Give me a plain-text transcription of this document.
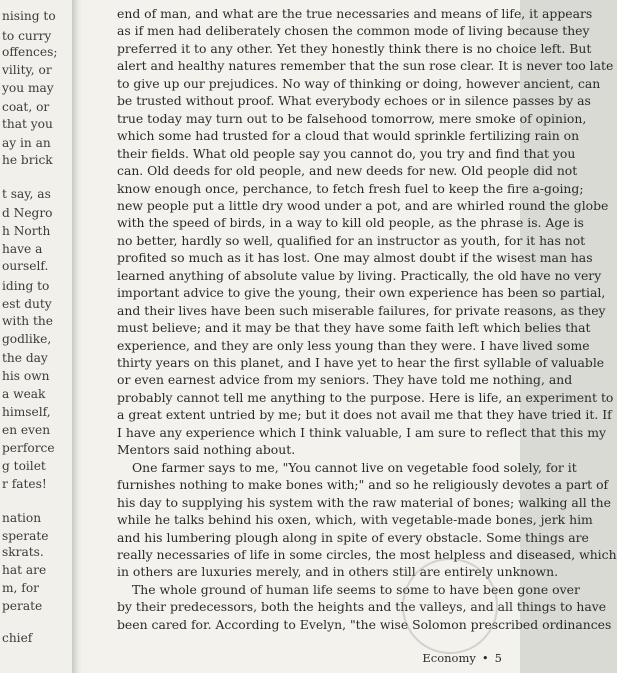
nising to
to curry
offences;
vility, or
you may
coat, or
that you
ay in an
he brick
t say, as
d Negro
h North
have a
ourself.
iding to
est duty
with the
godlike,
the day
his own
a weak
himself,
en even
perforce
g toilet
r fates!
nation
sperate
skrats.
hat are
m, for
perate
chief
end of man, and what are the true necessaries and means of life, it appears
as if men had deliberately chosen the common mode of living because they
preferred it to any other. Yet they honestly think there is no choice left. But
alert and healthy natures remember that the sun rose clear. It is never too late
to give up our prejudices. No way of thinking or doing, however ancient, can
be trusted without proof. What everybody echoes or in silence passes by as
true today may turn out to be falsehood tomorrow, mere smoke of opinion,
which some had trusted for a cloud that would sprinkle fertilizing rain on
their fields. What old people say you cannot do, you try and find that you
can. Old deeds for old people, and new deeds for new. Old people did not
know enough once, perchance, to fetch fresh fuel to keep the fire a-going;
new people put a little dry wood under a pot, and are whirled round the globe
with the speed of birds, in a way to kill old people, as the phrase is. Age is
no better, hardly so well, qualified for an instructor as youth, for it has not
profited so much as it has lost. One may almost doubt if the wisest man has
learned anything of absolute value by living. Practically, the old have no very
important advice to give the young, their own experience has been so partial,
and their lives have been such miserable failures, for private reasons, as they
must believe; and it may be that they have some faith left which belies that
experience, and they are only less young than they were. I have lived some
thirty years on this planet, and I have yet to hear the first syllable of valuable
or even earnest advice from my seniors. They have told me nothing, and
probably cannot tell me anything to the purpose. Here is life, an experiment to
a great extent untried by me; but it does not avail me that they have tried it. If
I have any experience which I think valuable, I am sure to reflect that this my
Mentors said nothing about.
One farmer says to me, "You cannot live on vegetable food solely, for it
furnishes nothing to make bones with;" and so he religiously devotes a part of
his day to supplying his system with the raw material of bones; walking all the
while he talks behind his oxen, which, with vegetable-made bones, jerk him
and his lumbering plough along in spite of every obstacle. Some things are
really necessaries of life in some circles, the most helpless and diseased, which
in others are luxuries merely, and in others still are entirely unknown.
The whole ground of human life seems to some to have been gone over
by their predecessors, both the heights and the valleys, and all things to have
been cared for. According to Evelyn, "the wise Solomon prescribed ordinances
Economy • 5
